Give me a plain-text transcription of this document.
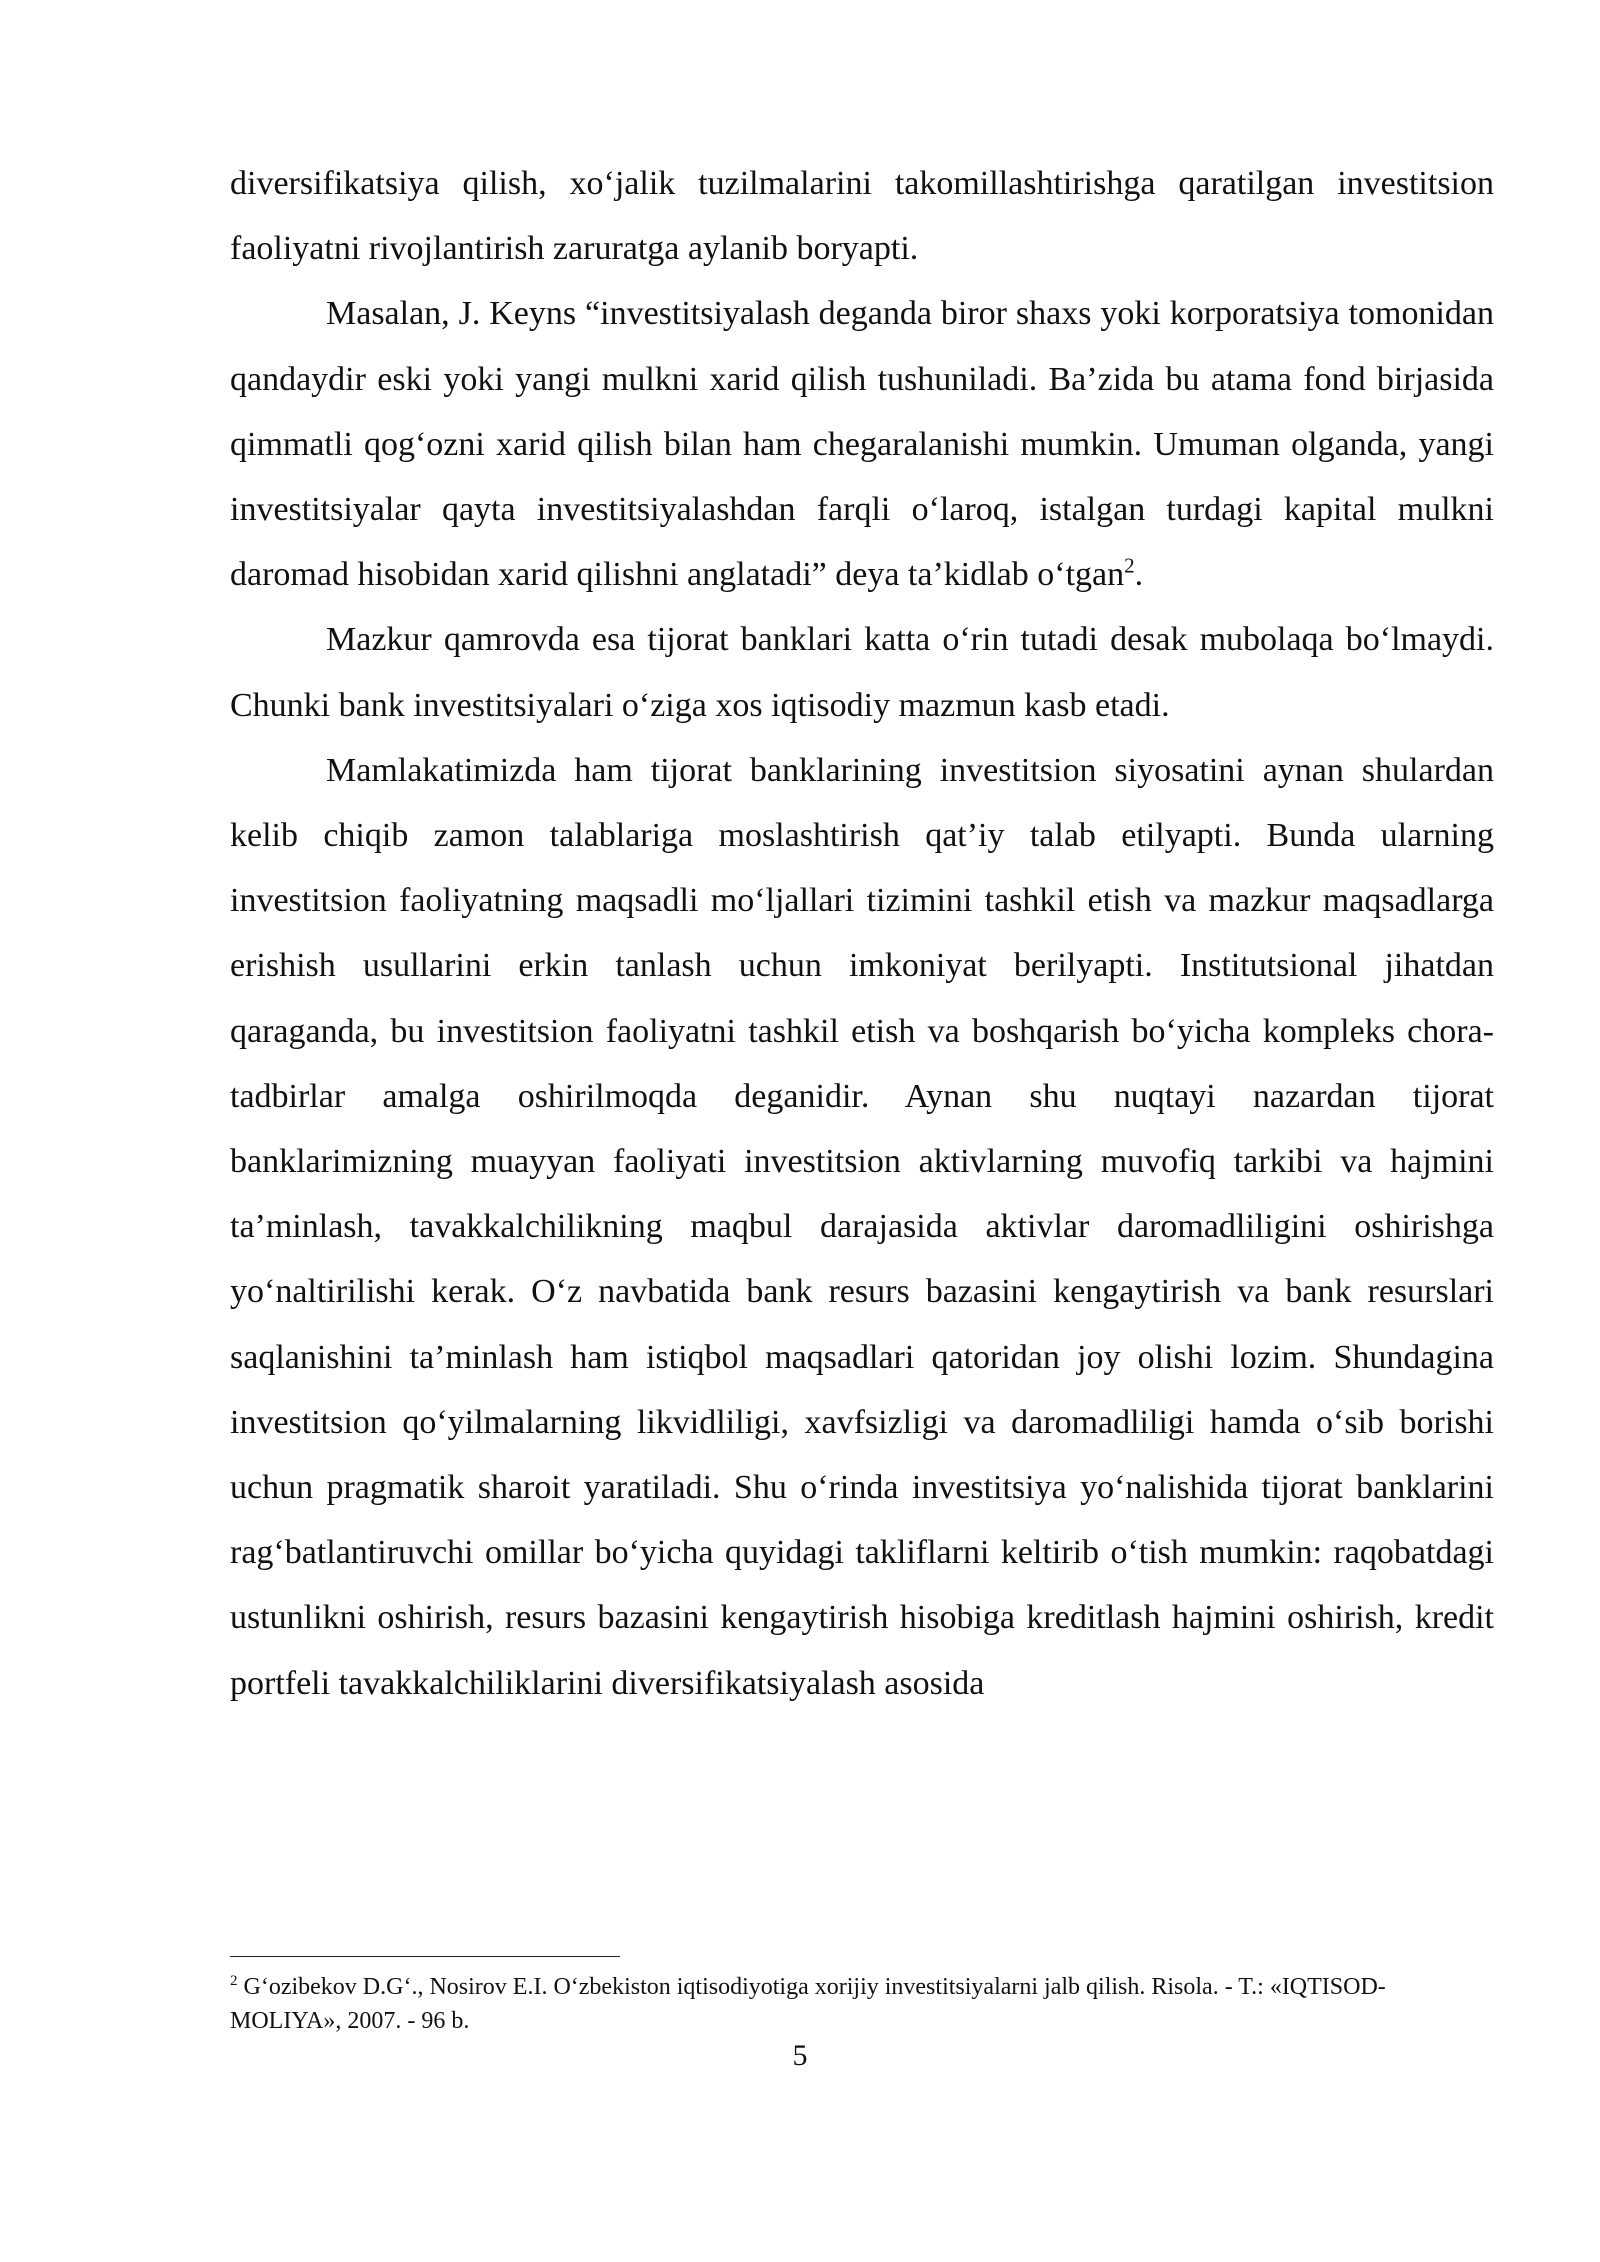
diversifikatsiya qilish, xo‘jalik tuzilmalarini takomillashtirishga qaratilgan investitsion faoliyatni rivojlantirish zaruratga aylanib boryapti.

Masalan, J. Keyns “investitsiyalash deganda biror shaxs yoki korporatsiya tomonidan qandaydir eski yoki yangi mulkni xarid qilish tushuniladi. Ba’zida bu atama fond birjasida qimmatli qog‘ozni xarid qilish bilan ham chegaralanishi mumkin. Umuman olganda, yangi investitsiyalar qayta investitsiyalashdan farqli o‘laroq, istalgan turdagi kapital mulkni daromad hisobidan xarid qilishni anglatadi” deya ta’kidlab o‘tgan$^2$.

Mazkur qamrovda esa tijorat banklari katta o‘rin tutadi desak mubolaqa bo‘lmaydi. Chunki bank investitsiyalari o‘ziga xos iqtisodiy mazmun kasb etadi.

Mamlakatimizda ham tijorat banklarining investitsion siyosatini aynan shulardan kelib chiqib zamon talablariga moslashtirish qat’iy talab etilyapti. Bunda ularning investitsion faoliyatning maqsadli mo‘ljallari tizimini tashkil etish va mazkur maqsadlarga erishish usullarini erkin tanlash uchun imkoniyat berilyapti. Institutsional jihatdan qaraganda, bu investitsion faoliyatni tashkil etish va boshqarish bo‘yicha kompleks chora-tadbirlar amalga oshirilmoqda deganidir. Aynan shu nuqtayi nazardan tijorat banklarimizning muayyan faoliyati investitsion aktivlarning muvofiq tarkibi va hajmini ta’minlash, tavakkalchilikning maqbul darajasida aktivlar daromadliligini oshirishga yo‘naltirilishi kerak. O‘z navbatida bank resurs bazasini kengaytirish va bank resurslari saqlanishini ta’minlash ham istiqbol maqsadlari qatoridan joy olishi lozim. Shundagina investitsion qo‘yilmalarning likvidliligi, xavfsizligi va daromadliligi hamda o‘sib borishi uchun pragmatik sharoit yaratiladi. Shu o‘rinda investitsiya yo‘nalishida tijorat banklarini rag‘batlantiruvchi omillar bo‘yicha quyidagi takliflarni keltirib o‘tish mumkin: raqobatdagi ustunlikni oshirish, resurs bazasini kengaytirish hisobiga kreditlash hajmini oshirish, kredit portfeli tavakkalchiliklarini diversifikatsiyalash asosida

$^2$ G‘ozibekov D.G‘., Nosirov E.I. O‘zbekiston iqtisodiyotiga xorijiy investitsiyalarni jalb qilish. Risola. - T.: «IQTISOD-MOLIYA», 2007. - 96 b.

5
